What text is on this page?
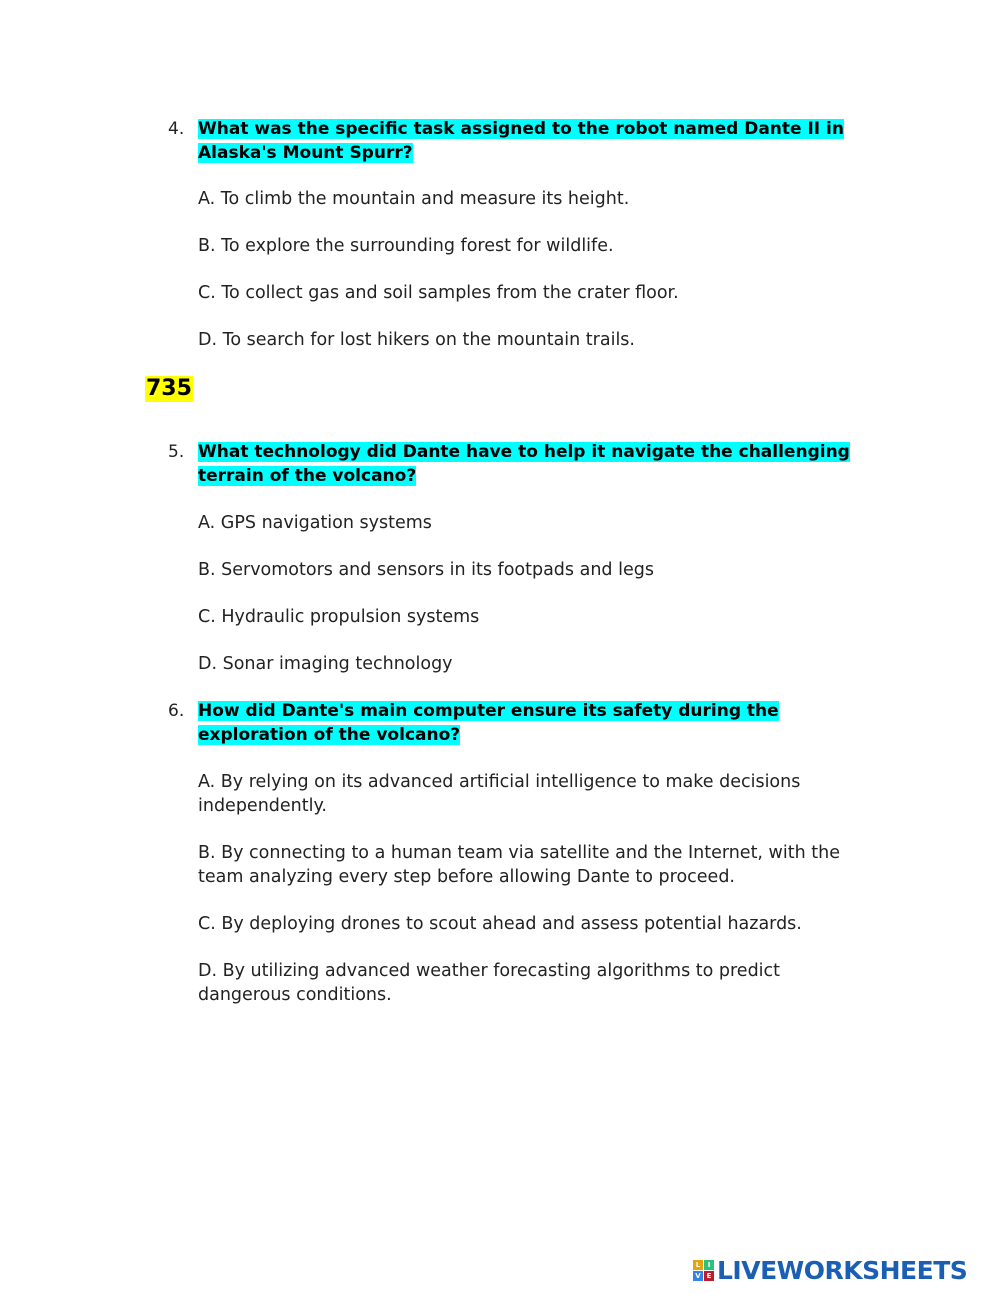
4. What was the specific task assigned to the robot named Dante II in Alaska's Mount Spurr?
A. To climb the mountain and measure its height.
B. To explore the surrounding forest for wildlife.
C. To collect gas and soil samples from the crater floor.
D. To search for lost hikers on the mountain trails.
735
5. What technology did Dante have to help it navigate the challenging terrain of the volcano?
A. GPS navigation systems
B. Servomotors and sensors in its footpads and legs
C. Hydraulic propulsion systems
D. Sonar imaging technology
6. How did Dante's main computer ensure its safety during the exploration of the volcano?
A. By relying on its advanced artificial intelligence to make decisions independently.
B. By connecting to a human team via satellite and the Internet, with the team analyzing every step before allowing Dante to proceed.
C. By deploying drones to scout ahead and assess potential hazards.
D. By utilizing advanced weather forecasting algorithms to predict dangerous conditions.
L	I
V E LIVEWORKSHEETS
